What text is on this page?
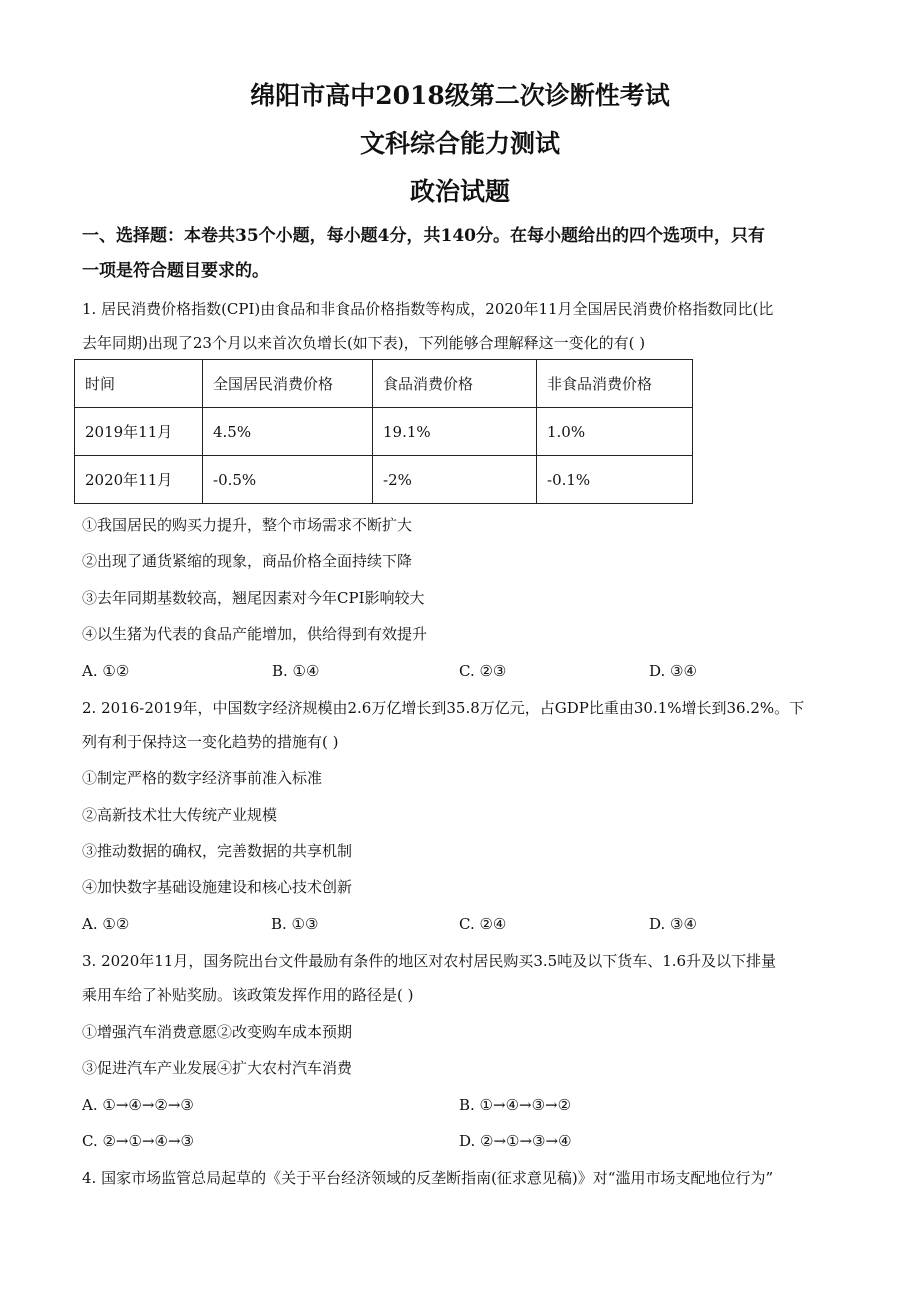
绵阳市高中2018级第二次诊断性考试
文科综合能力测试
政治试题
一、选择题：本卷共35个小题，每小题4分，共140分。在每小题给出的四个选项中，只有
一项是符合题目要求的。
1. 居民消费价格指数(CPI)由食品和非食品价格指数等构成，2020年11月全国居民消费价格指数同比(比
去年同期)出现了23个月以来首次负增长(如下表)，下列能够合理解释这一变化的有( )
时间	全国居民消费价格	食品消费价格	非食品消费价格
2019年11月	4.5%	19.1%	1.0%
2020年11月	-0.5%	-2%	-0.1%
①我国居民的购买力提升，整个市场需求不断扩大
②出现了通货紧缩的现象，商品价格全面持续下降
③去年同期基数较高，翘尾因素对今年CPI影响较大
④以生猪为代表的食品产能增加，供给得到有效提升
A. ①②	B. ①④	C. ②③	D. ③④
2. 2016-2019年，中国数字经济规模由2.6万亿增长到35.8万亿元，占GDP比重由30.1%增长到36.2%。下
列有利于保持这一变化趋势的措施有( )
①制定严格的数字经济事前准入标准
②高新技术壮大传统产业规模
③推动数据的确权，完善数据的共享机制
④加快数字基础设施建设和核心技术创新
A. ①②	B. ①③	C. ②④	D. ③④
3. 2020年11月，国务院出台文件最励有条件的地区对农村居民购买3.5吨及以下货车、1.6升及以下排量
乘用车给了补贴奖励。该政策发挥作用的路径是( )
①增强汽车消费意愿②改变购车成本预期
③促进汽车产业发展④扩大农村汽车消费
A. ①→④→②→③	B. ①→④→③→②
C. ②→①→④→③	D. ②→①→③→④
4. 国家市场监管总局起草的《关于平台经济领域的反垄断指南(征求意见稿)》对“滥用市场支配地位行为”
